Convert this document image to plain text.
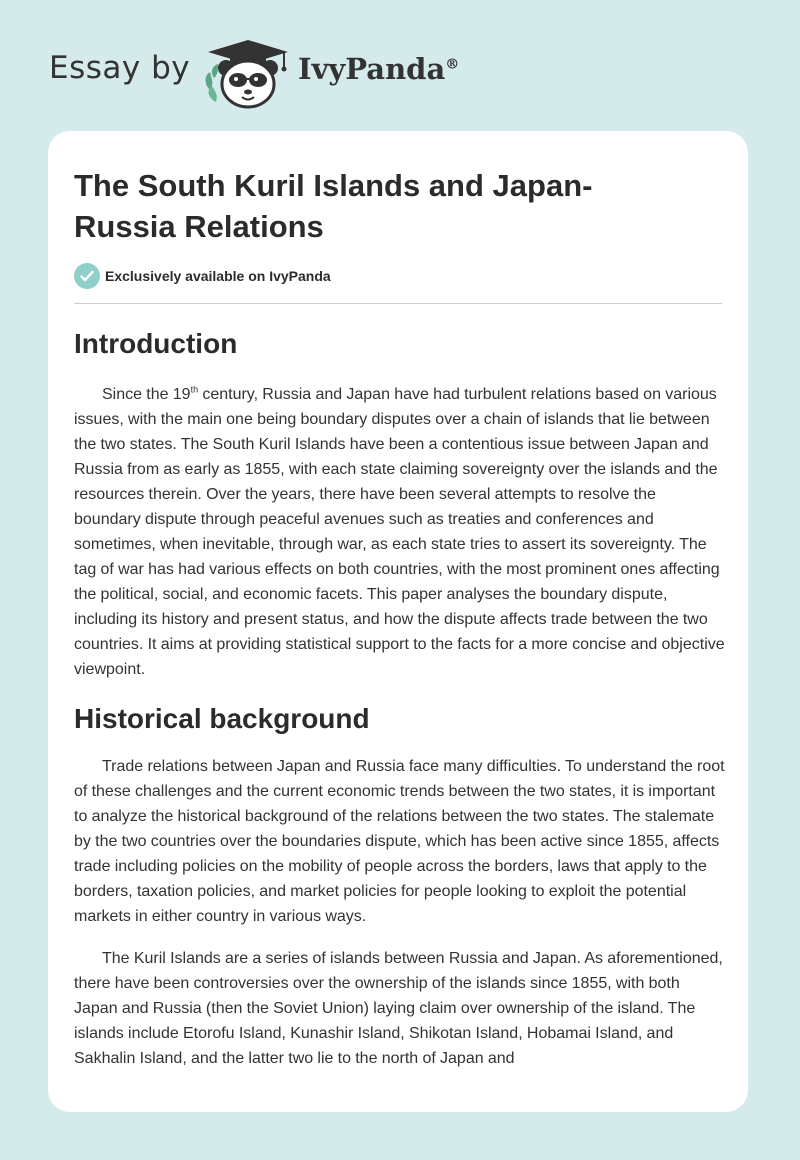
Essay by	IvyPanda®
The South Kuril Islands and Japan-Russia Relations
Exclusively available on IvyPanda
Introduction

Since the 19th century, Russia and Japan have had turbulent relations based on various issues, with the main one being boundary disputes over a chain of islands that lie between the two states. The South Kuril Islands have been a contentious issue between Japan and Russia from as early as 1855, with each state claiming sovereignty over the islands and the resources therein. Over the years, there have been several attempts to resolve the boundary dispute through peaceful avenues such as treaties and conferences and sometimes, when inevitable, through war, as each state tries to assert its sovereignty. The tag of war has had various effects on both countries, with the most prominent ones affecting the political, social, and economic facets. This paper analyses the boundary dispute, including its history and present status, and how the dispute affects trade between the two countries. It aims at providing statistical support to the facts for a more concise and objective viewpoint.

Historical background

Trade relations between Japan and Russia face many difficulties. To understand the root of these challenges and the current economic trends between the two states, it is important to analyze the historical background of the relations between the two states. The stalemate by the two countries over the boundaries dispute, which has been active since 1855, affects trade including policies on the mobility of people across the borders, laws that apply to the borders, taxation policies, and market policies for people looking to exploit the potential markets in either country in various ways.

The Kuril Islands are a series of islands between Russia and Japan. As aforementioned, there have been controversies over the ownership of the islands since 1855, with both Japan and Russia (then the Soviet Union) laying claim over ownership of the island. The islands include Etorofu Island, Kunashir Island, Shikotan Island, Hobamai Island, and Sakhalin Island, and the latter two lie to the north of Japan and
